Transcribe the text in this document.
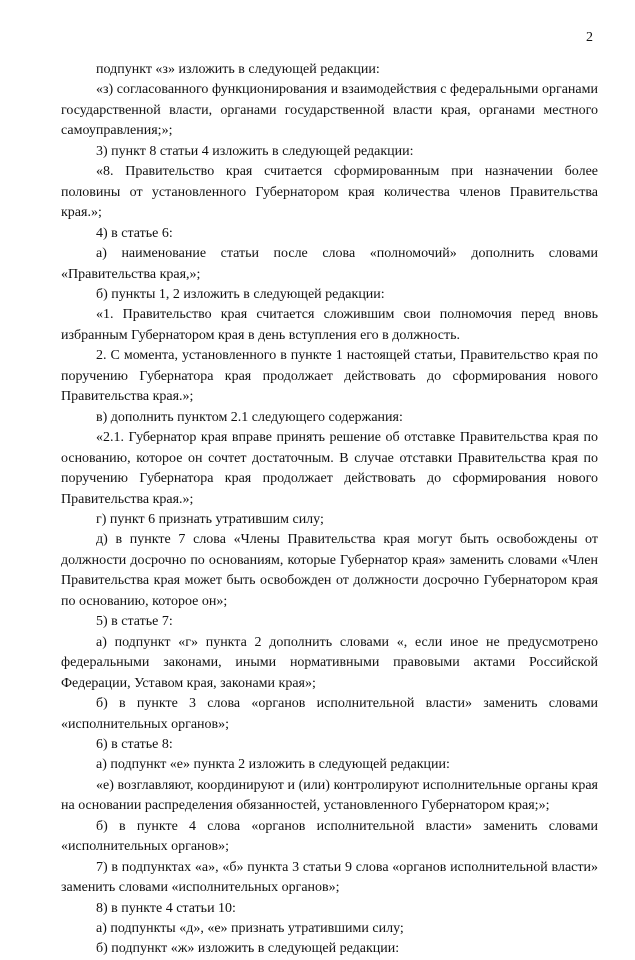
2

подпункт «з» изложить в следующей редакции:

«з) согласованного функционирования и взаимодействия с федеральными органами государственной власти, органами государственной власти края, органами местного самоуправления;»;

3) пункт 8 статьи 4 изложить в следующей редакции:

«8. Правительство края считается сформированным при назначении более половины от установленного Губернатором края количества членов Правительства края.»;

4) в статье 6:

а) наименование статьи после слова «полномочий» дополнить словами «Правительства края,»;

б) пункты 1, 2 изложить в следующей редакции:

«1. Правительство края считается сложившим свои полномочия перед вновь избранным Губернатором края в день вступления его в должность.

2. С момента, установленного в пункте 1 настоящей статьи, Правительство края по поручению Губернатора края продолжает действовать до сформирования нового Правительства края.»;

в) дополнить пунктом 2.1 следующего содержания:

«2.1. Губернатор края вправе принять решение об отставке Правительства края по основанию, которое он сочтет достаточным. В случае отставки Правительства края по поручению Губернатора края продолжает действовать до сформирования нового Правительства края.»;

г) пункт 6 признать утратившим силу;

д) в пункте 7 слова «Члены Правительства края могут быть освобождены от должности досрочно по основаниям, которые Губернатор края» заменить словами «Член Правительства края может быть освобожден от должности досрочно Губернатором края по основанию, которое он»;

5) в статье 7:

а) подпункт «г» пункта 2 дополнить словами «, если иное не предусмотрено федеральными законами, иными нормативными правовыми актами Российской Федерации, Уставом края, законами края»;

б) в пункте 3 слова «органов исполнительной власти» заменить словами «исполнительных органов»;

6) в статье 8:

а) подпункт «е» пункта 2 изложить в следующей редакции:

«е) возглавляют, координируют и (или) контролируют исполнительные органы края на основании распределения обязанностей, установленного Губернатором края;»;

б) в пункте 4 слова «органов исполнительной власти» заменить словами «исполнительных органов»;

7) в подпунктах «а», «б» пункта 3 статьи 9 слова «органов исполнительной власти» заменить словами «исполнительных органов»;

8) в пункте 4 статьи 10:

а) подпункты «д», «е» признать утратившими силу;

б) подпункт «ж» изложить в следующей редакции:
